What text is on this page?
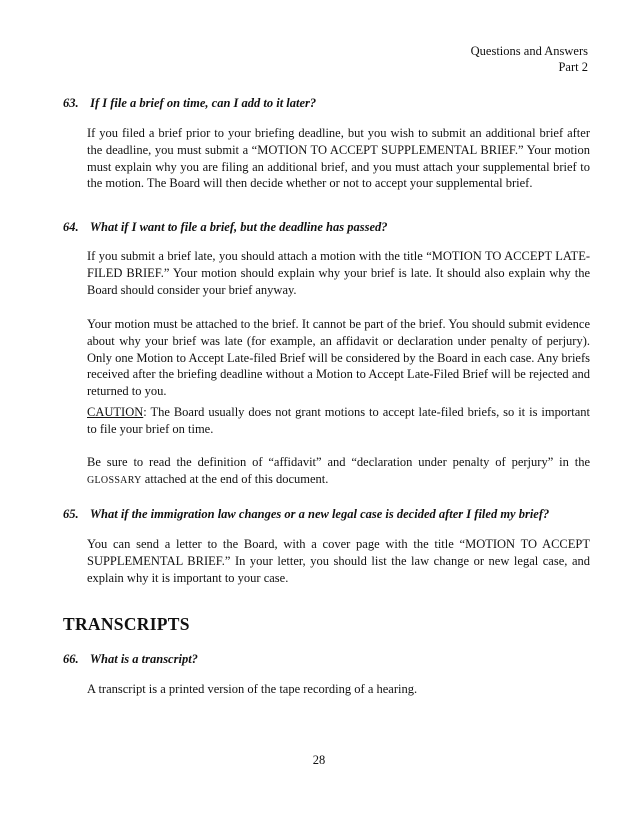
Questions and Answers
Part 2
63. If I file a brief on time, can I add to it later?
If you filed a brief prior to your briefing deadline, but you wish to submit an additional brief after the deadline, you must submit a “MOTION TO ACCEPT SUPPLEMENTAL BRIEF.” Your motion must explain why you are filing an additional brief, and you must attach your supplemental brief to the motion. The Board will then decide whether or not to accept your supplemental brief.
64. What if I want to file a brief, but the deadline has passed?
If you submit a brief late, you should attach a motion with the title “MOTION TO ACCEPT LATE-FILED BRIEF.” Your motion should explain why your brief is late. It should also explain why the Board should consider your brief anyway.
Your motion must be attached to the brief. It cannot be part of the brief. You should submit evidence about why your brief was late (for example, an affidavit or declaration under penalty of perjury). Only one Motion to Accept Late-filed Brief will be considered by the Board in each case. Any briefs received after the briefing deadline without a Motion to Accept Late-Filed Brief will be rejected and returned to you.
CAUTION: The Board usually does not grant motions to accept late-filed briefs, so it is important to file your brief on time.
Be sure to read the definition of “affidavit” and “declaration under penalty of perjury” in the GLOSSARY attached at the end of this document.
65. What if the immigration law changes or a new legal case is decided after I filed my brief?
You can send a letter to the Board, with a cover page with the title “MOTION TO ACCEPT SUPPLEMENTAL BRIEF.” In your letter, you should list the law change or new legal case, and explain why it is important to your case.
TRANSCRIPTS
66. What is a transcript?
A transcript is a printed version of the tape recording of a hearing.
28
